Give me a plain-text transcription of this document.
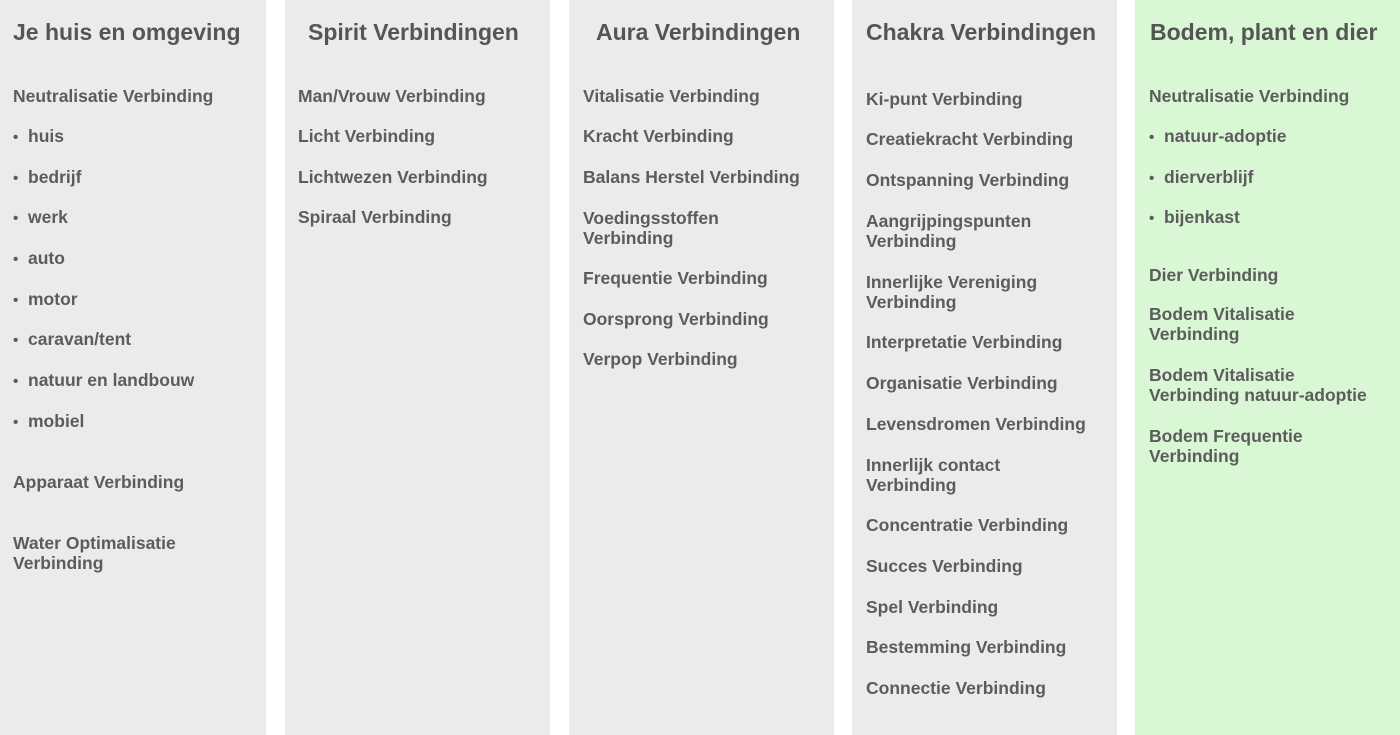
Je huis en omgeving
Neutralisatie Verbinding
• huis
• bedrijf
• werk
• auto
• motor
• caravan/tent
• natuur en landbouw
• mobiel
Apparaat Verbinding
Water Optimalisatie Verbinding
Spirit Verbindingen
Man/Vrouw Verbinding
Licht Verbinding
Lichtwezen Verbinding
Spiraal Verbinding
Aura Verbindingen
Vitalisatie Verbinding
Kracht Verbinding
Balans Herstel Verbinding
Voedingsstoffen Verbinding
Frequentie Verbinding
Oorsprong Verbinding
Verpop Verbinding
Chakra Verbindingen
Ki-punt Verbinding
Creatiekracht Verbinding
Ontspanning Verbinding
Aangrijpingspunten Verbinding
Innerlijke Vereniging Verbinding
Interpretatie Verbinding
Organisatie Verbinding
Levensdromen Verbinding
Innerlijk contact Verbinding
Concentratie Verbinding
Succes Verbinding
Spel Verbinding
Bestemming Verbinding
Connectie Verbinding
Bodem, plant en dier
Neutralisatie Verbinding
• natuur-adoptie
• dierverblijf
• bijenkast
Dier Verbinding
Bodem Vitalisatie Verbinding
Bodem Vitalisatie Verbinding natuur-adoptie
Bodem Frequentie Verbinding
